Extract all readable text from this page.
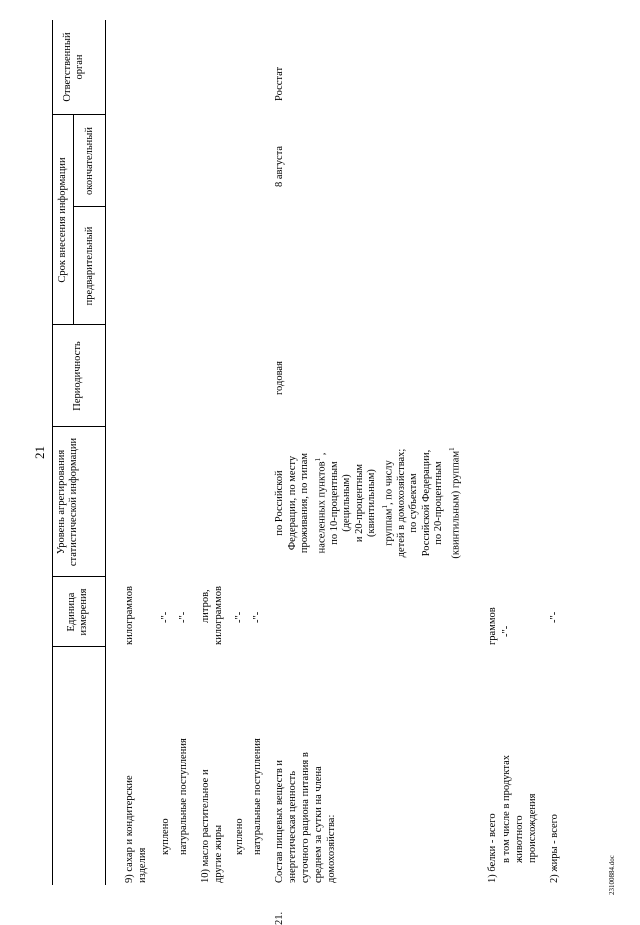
21
Единица измерения
Уровень агрегирования статистической информации
Периодичность
Срок внесения информации предварительный
окончательный
Ответственный орган
9) сахар и кондитерские изделия
килограммов
куплено
-"-
натуральные поступления
-"-
10) масло растительное и другие жиры
литров, килограммов
куплено
-"-
натуральные поступления
-"-
21.
Состав пищевых веществ и энергетическая ценность суточного рациона питания в среднем за сутки на члена домохозяйства:
годовая
8 августа
Росстат
по Российской Федерации, по месту проживания, по типам населенных пунктов$^1$ ,
по 10-процентным (децильным) и 20-процентным (квинтильным) группам$^1$, по числу детей в домохозяйствах; по субъектам Российской Федерации, по 20-процентным (квинтильным) группам$^1$
1) белки - всего
граммов
в том числе в продуктах животного происхождения
-"-
2) жиры - всего
-"-
23100884.doc
